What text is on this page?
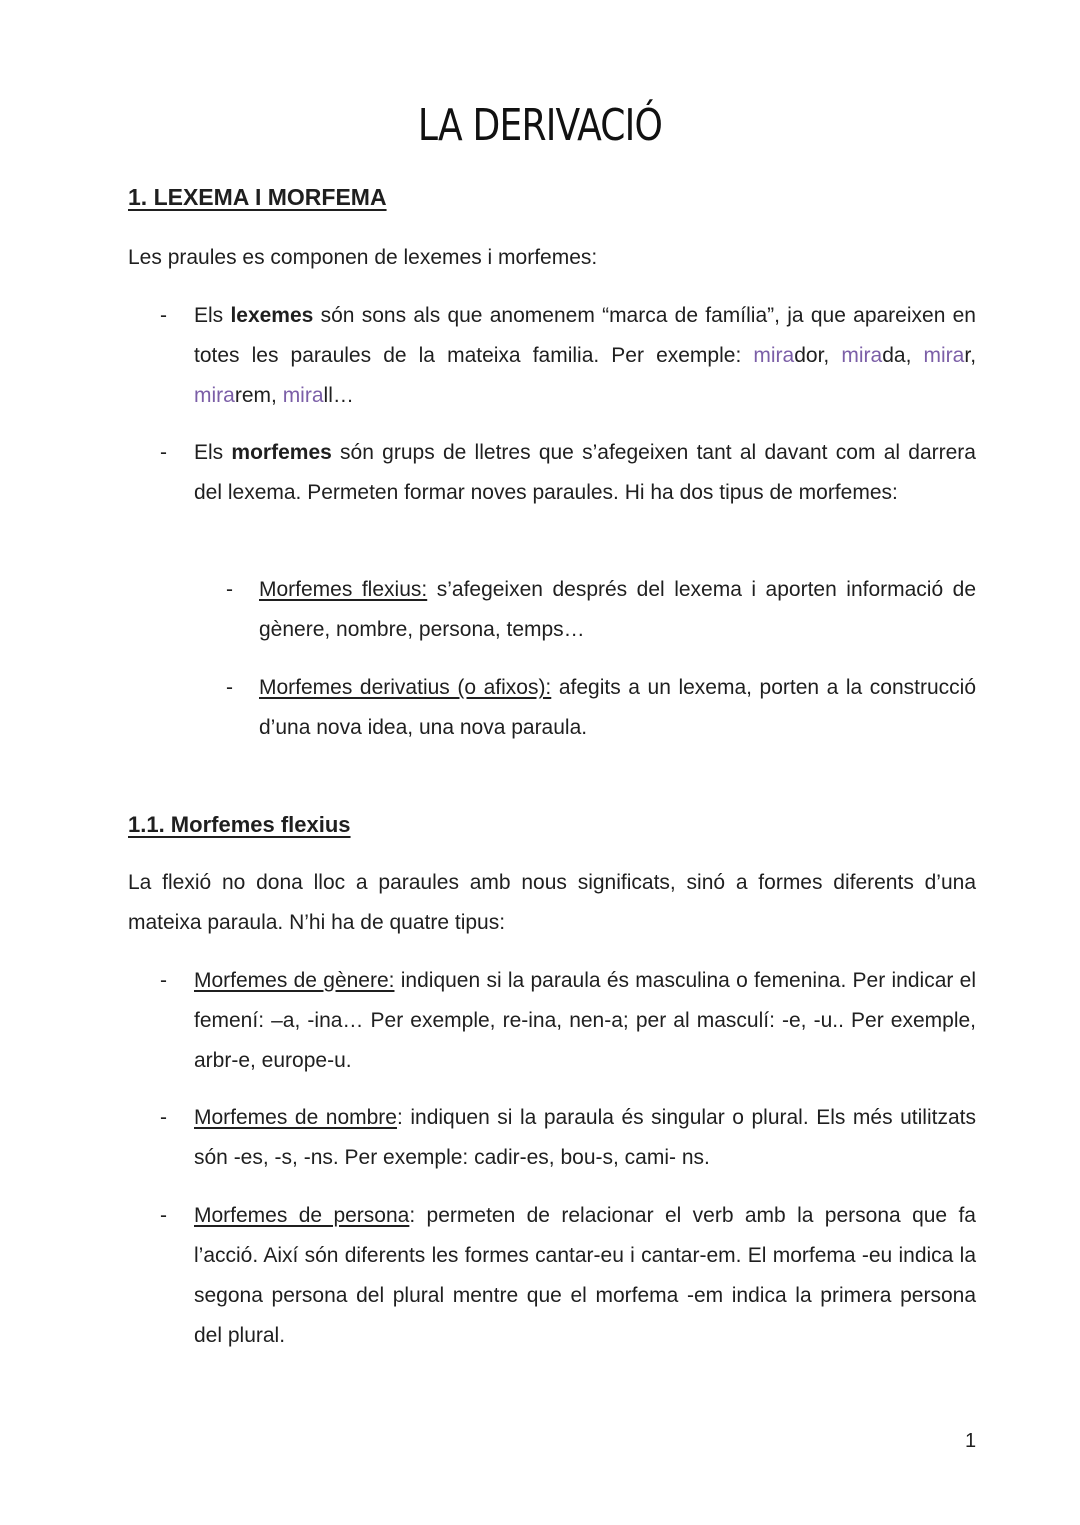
LA DERIVACIÓ
1. LEXEMA I MORFEMA
Les praules es componen de lexemes i morfemes:
- Els lexemes són sons als que anomenem “marca de família”, ja que apareixen en totes les paraules de la mateixa familia. Per exemple: mirador, mirada, mirar, mirarem, mirall…
- Els morfemes són grups de lletres que s’afegeixen tant al davant com al darrera del lexema. Permeten formar noves paraules. Hi ha dos tipus de morfemes:
- Morfemes flexius: s’afegeixen després del lexema i aporten informació de gènere, nombre, persona, temps…
- Morfemes derivatius (o afixos): afegits a un lexema, porten a la construcció d’una nova idea, una nova paraula.
1.1. Morfemes flexius
La flexió no dona lloc a paraules amb nous significats, sinó a formes diferents d’una mateixa paraula. N’hi ha de quatre tipus:
- Morfemes de gènere: indiquen si la paraula és masculina o femenina. Per indicar el femení: –a, -ina… Per exemple, re-ina, nen-a; per al masculí: -e, -u.. Per exemple, arbr-e, europe-u.
- Morfemes de nombre: indiquen si la paraula és singular o plural. Els més utilitzats són -es, -s, -ns. Per exemple: cadir-es, bou-s, cami- ns.
- Morfemes de persona: permeten de relacionar el verb amb la persona que fa l’acció. Així són diferents les formes cantar-eu i cantar-em. El morfema -eu indica la segona persona del plural mentre que el morfema -em indica la primera persona del plural.
1
